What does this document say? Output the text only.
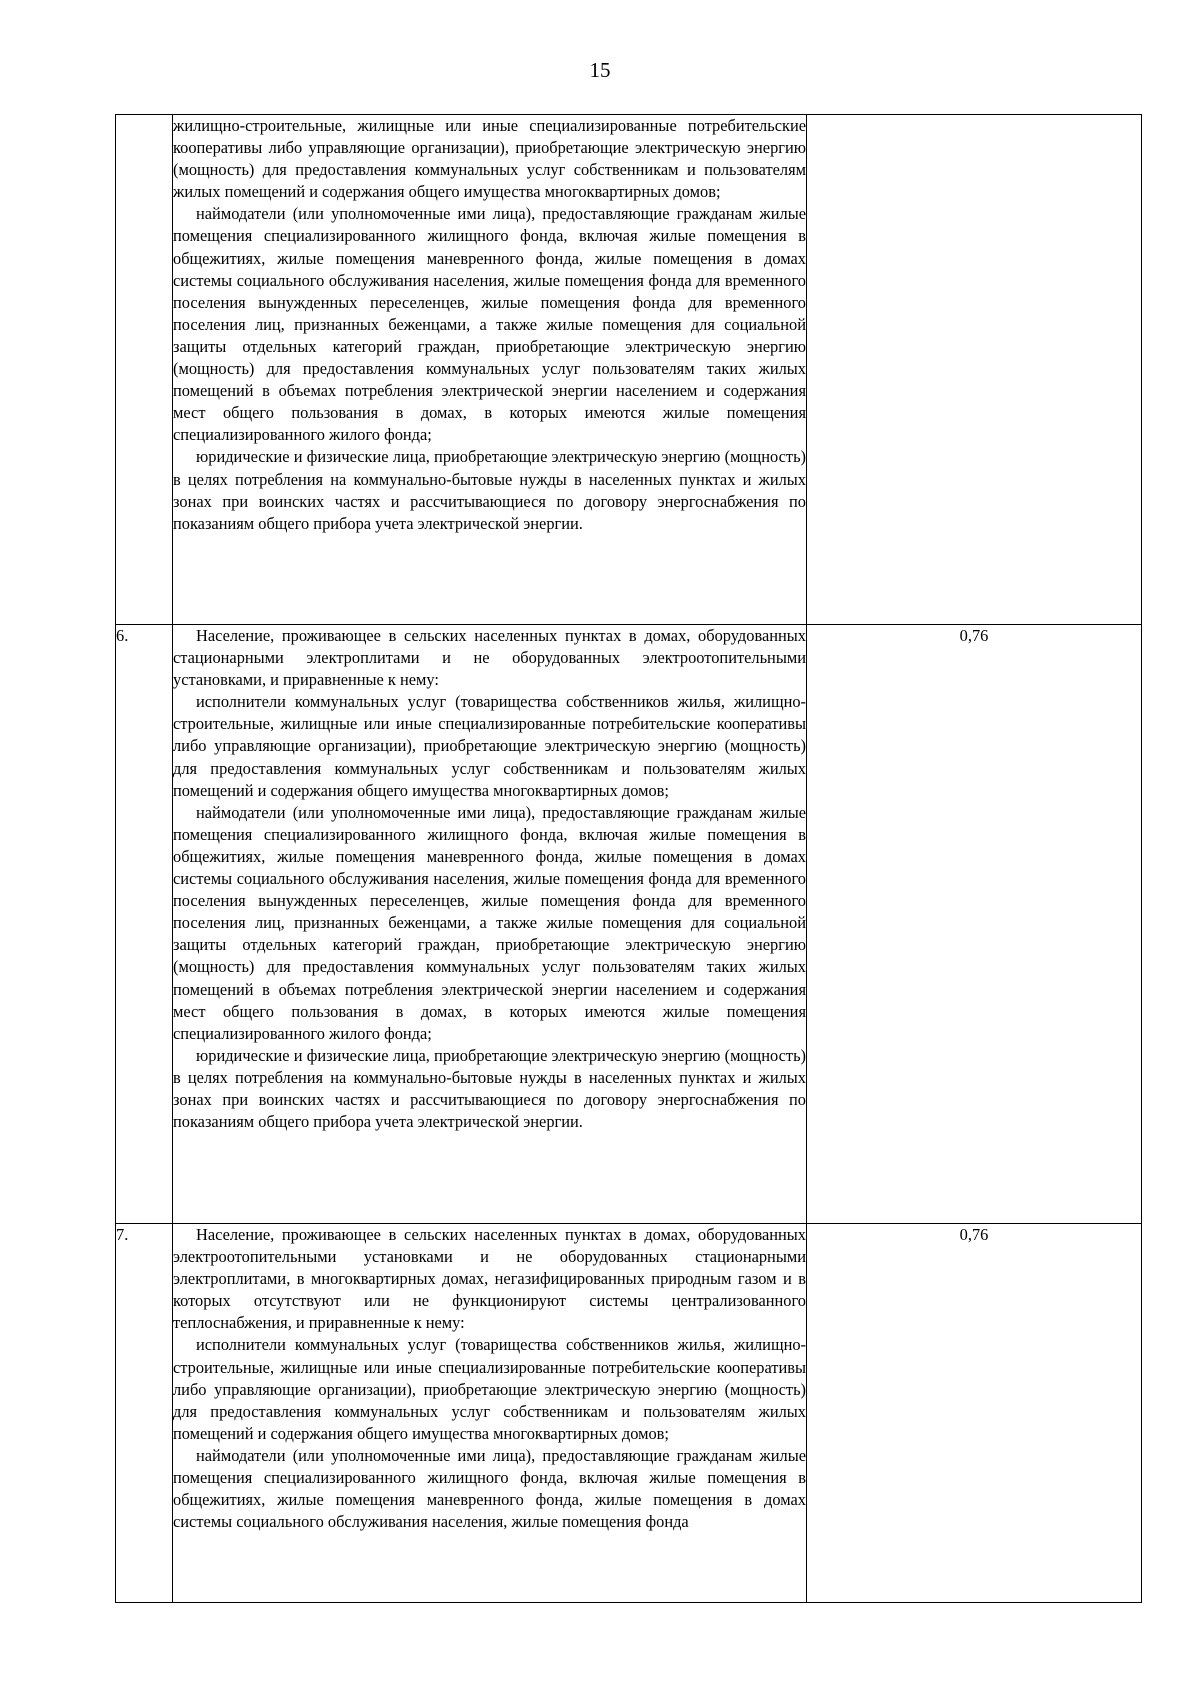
15

	жилищно-строительные, жилищные или иные специализированные потребительские кооперативы либо управляющие организации), приобретающие электрическую энергию (мощность) для предоставления коммунальных услуг собственникам и пользователям жилых помещений и содержания общего имущества многоквартирных домов;

наймодатели (или уполномоченные ими лица), предоставляющие гражданам жилые помещения специализированного жилищного фонда, включая жилые помещения в общежитиях, жилые помещения маневренного фонда, жилые помещения в домах системы социального обслуживания населения, жилые помещения фонда для временного поселения вынужденных переселенцев, жилые помещения фонда для временного поселения лиц, признанных беженцами, а также жилые помещения для социальной защиты отдельных категорий граждан, приобретающие электрическую энергию (мощность) для предоставления коммунальных услуг пользователям таких жилых помещений в объемах потребления электрической энергии населением и содержания мест общего пользования в домах, в которых имеются жилые помещения специализированного жилого фонда;

юридические и физические лица, приобретающие электрическую энергию (мощность) в целях потребления на коммунально-бытовые нужды в населенных пунктах и жилых зонах при воинских частях и рассчитывающиеся по договору энергоснабжения по показаниям общего прибора учета электрической энергии.	

6.	Население, проживающее в сельских населенных пунктах в домах, оборудованных стационарными электроплитами и не оборудованных электроотопительными установками, и приравненные к нему:

исполнители коммунальных услуг (товарищества собственников жилья, жилищно-строительные, жилищные или иные специализированные потребительские кооперативы либо управляющие организации), приобретающие электрическую энергию (мощность) для предоставления коммунальных услуг собственникам и пользователям жилых помещений и содержания общего имущества многоквартирных домов;

наймодатели (или уполномоченные ими лица), предоставляющие гражданам жилые помещения специализированного жилищного фонда, включая жилые помещения в общежитиях, жилые помещения маневренного фонда, жилые помещения в домах системы социального обслуживания населения, жилые помещения фонда для временного поселения вынужденных переселенцев, жилые помещения фонда для временного поселения лиц, признанных беженцами, а также жилые помещения для социальной защиты отдельных категорий граждан, приобретающие электрическую энергию (мощность) для предоставления коммунальных услуг пользователям таких жилых помещений в объемах потребления электрической энергии населением и содержания мест общего пользования в домах, в которых имеются жилые помещения специализированного жилого фонда;

юридические и физические лица, приобретающие электрическую энергию (мощность) в целях потребления на коммунально-бытовые нужды в населенных пунктах и жилых зонах при воинских частях и рассчитывающиеся по договору энергоснабжения по показаниям общего прибора учета электрической энергии.	0,76
7.	Население, проживающее в сельских населенных пунктах в домах, оборудованных электроотопительными установками и не оборудованных стационарными электроплитами, в многоквартирных домах, негазифицированных природным газом и в которых отсутствуют или не функционируют системы централизованного теплоснабжения, и приравненные к нему:

исполнители коммунальных услуг (товарищества собственников жилья, жилищно-строительные, жилищные или иные специализированные потребительские кооперативы либо управляющие организации), приобретающие электрическую энергию (мощность) для предоставления коммунальных услуг собственникам и пользователям жилых помещений и содержания общего имущества многоквартирных домов;

наймодатели (или уполномоченные ими лица), предоставляющие гражданам жилые помещения специализированного жилищного фонда, включая жилые помещения в общежитиях, жилые помещения маневренного фонда, жилые помещения в домах системы социального обслуживания населения, жилые помещения фонда	0,76
